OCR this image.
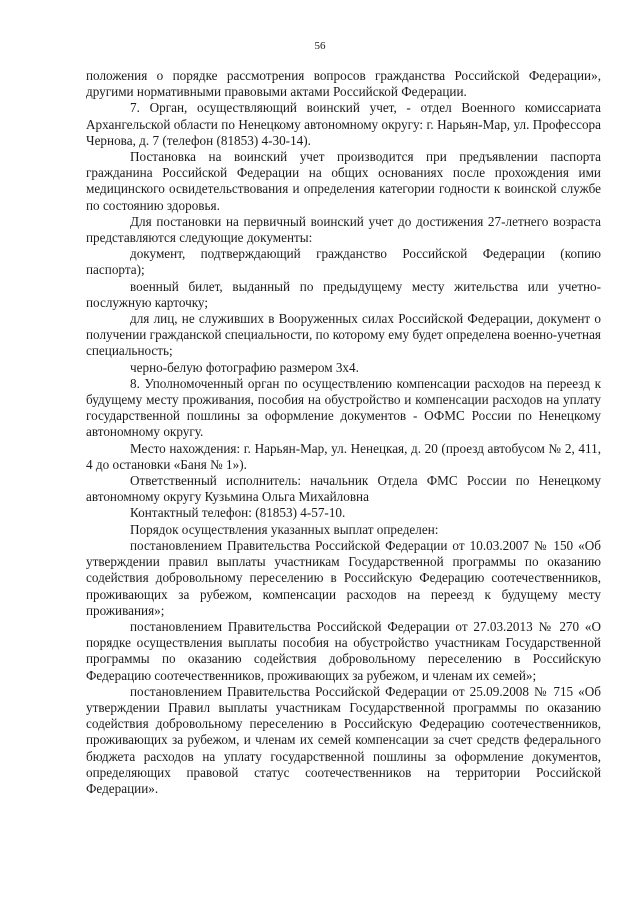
56

положения о порядке рассмотрения вопросов гражданства Российской Федерации», другими нормативными правовыми актами Российской Федерации.

7. Орган, осуществляющий воинский учет, - отдел Военного комиссариата Архангельской области по Ненецкому автономному округу: г. Нарьян-Мар, ул. Профессора Чернова, д. 7 (телефон (81853) 4-30-14).

Постановка на воинский учет производится при предъявлении паспорта гражданина Российской Федерации на общих основаниях после прохождения ими медицинского освидетельствования и определения категории годности к воинской службе по состоянию здоровья.

Для постановки на первичный воинский учет до достижения 27-летнего возраста представляются следующие документы:

документ, подтверждающий гражданство Российской Федерации (копию паспорта);

военный билет, выданный по предыдущему месту жительства или учетно-послужную карточку;

для лиц, не служивших в Вооруженных силах Российской Федерации, документ о получении гражданской специальности, по которому ему будет определена военно-учетная специальность;

черно-белую фотографию размером 3х4.

8. Уполномоченный орган по осуществлению компенсации расходов на переезд к будущему месту проживания, пособия на обустройство и компенсации расходов на уплату государственной пошлины за оформление документов - ОФМС России по Ненецкому автономному округу.

Место нахождения: г. Нарьян-Мар, ул. Ненецкая, д. 20 (проезд автобусом № 2, 411, 4 до остановки «Баня № 1»).

Ответственный исполнитель: начальник Отдела ФМС России по Ненецкому автономному округу Кузьмина Ольга Михайловна

Контактный телефон: (81853) 4-57-10.

Порядок осуществления указанных выплат определен:

постановлением Правительства Российской Федерации от 10.03.2007 № 150 «Об утверждении правил выплаты участникам Государственной программы по оказанию содействия добровольному переселению в Российскую Федерацию соотечественников, проживающих за рубежом, компенсации расходов на переезд к будущему месту проживания»;

постановлением Правительства Российской Федерации от 27.03.2013 № 270 «О порядке осуществления выплаты пособия на обустройство участникам Государственной программы по оказанию содействия добровольному переселению в Российскую Федерацию соотечественников, проживающих за рубежом, и членам их семей»;

постановлением Правительства Российской Федерации от 25.09.2008 № 715 «Об утверждении Правил выплаты участникам Государственной программы по оказанию содействия добровольному переселению в Российскую Федерацию соотечественников, проживающих за рубежом, и членам их семей компенсации за счет средств федерального бюджета расходов на уплату государственной пошлины за оформление документов, определяющих правовой статус соотечественников на территории Российской Федерации».
